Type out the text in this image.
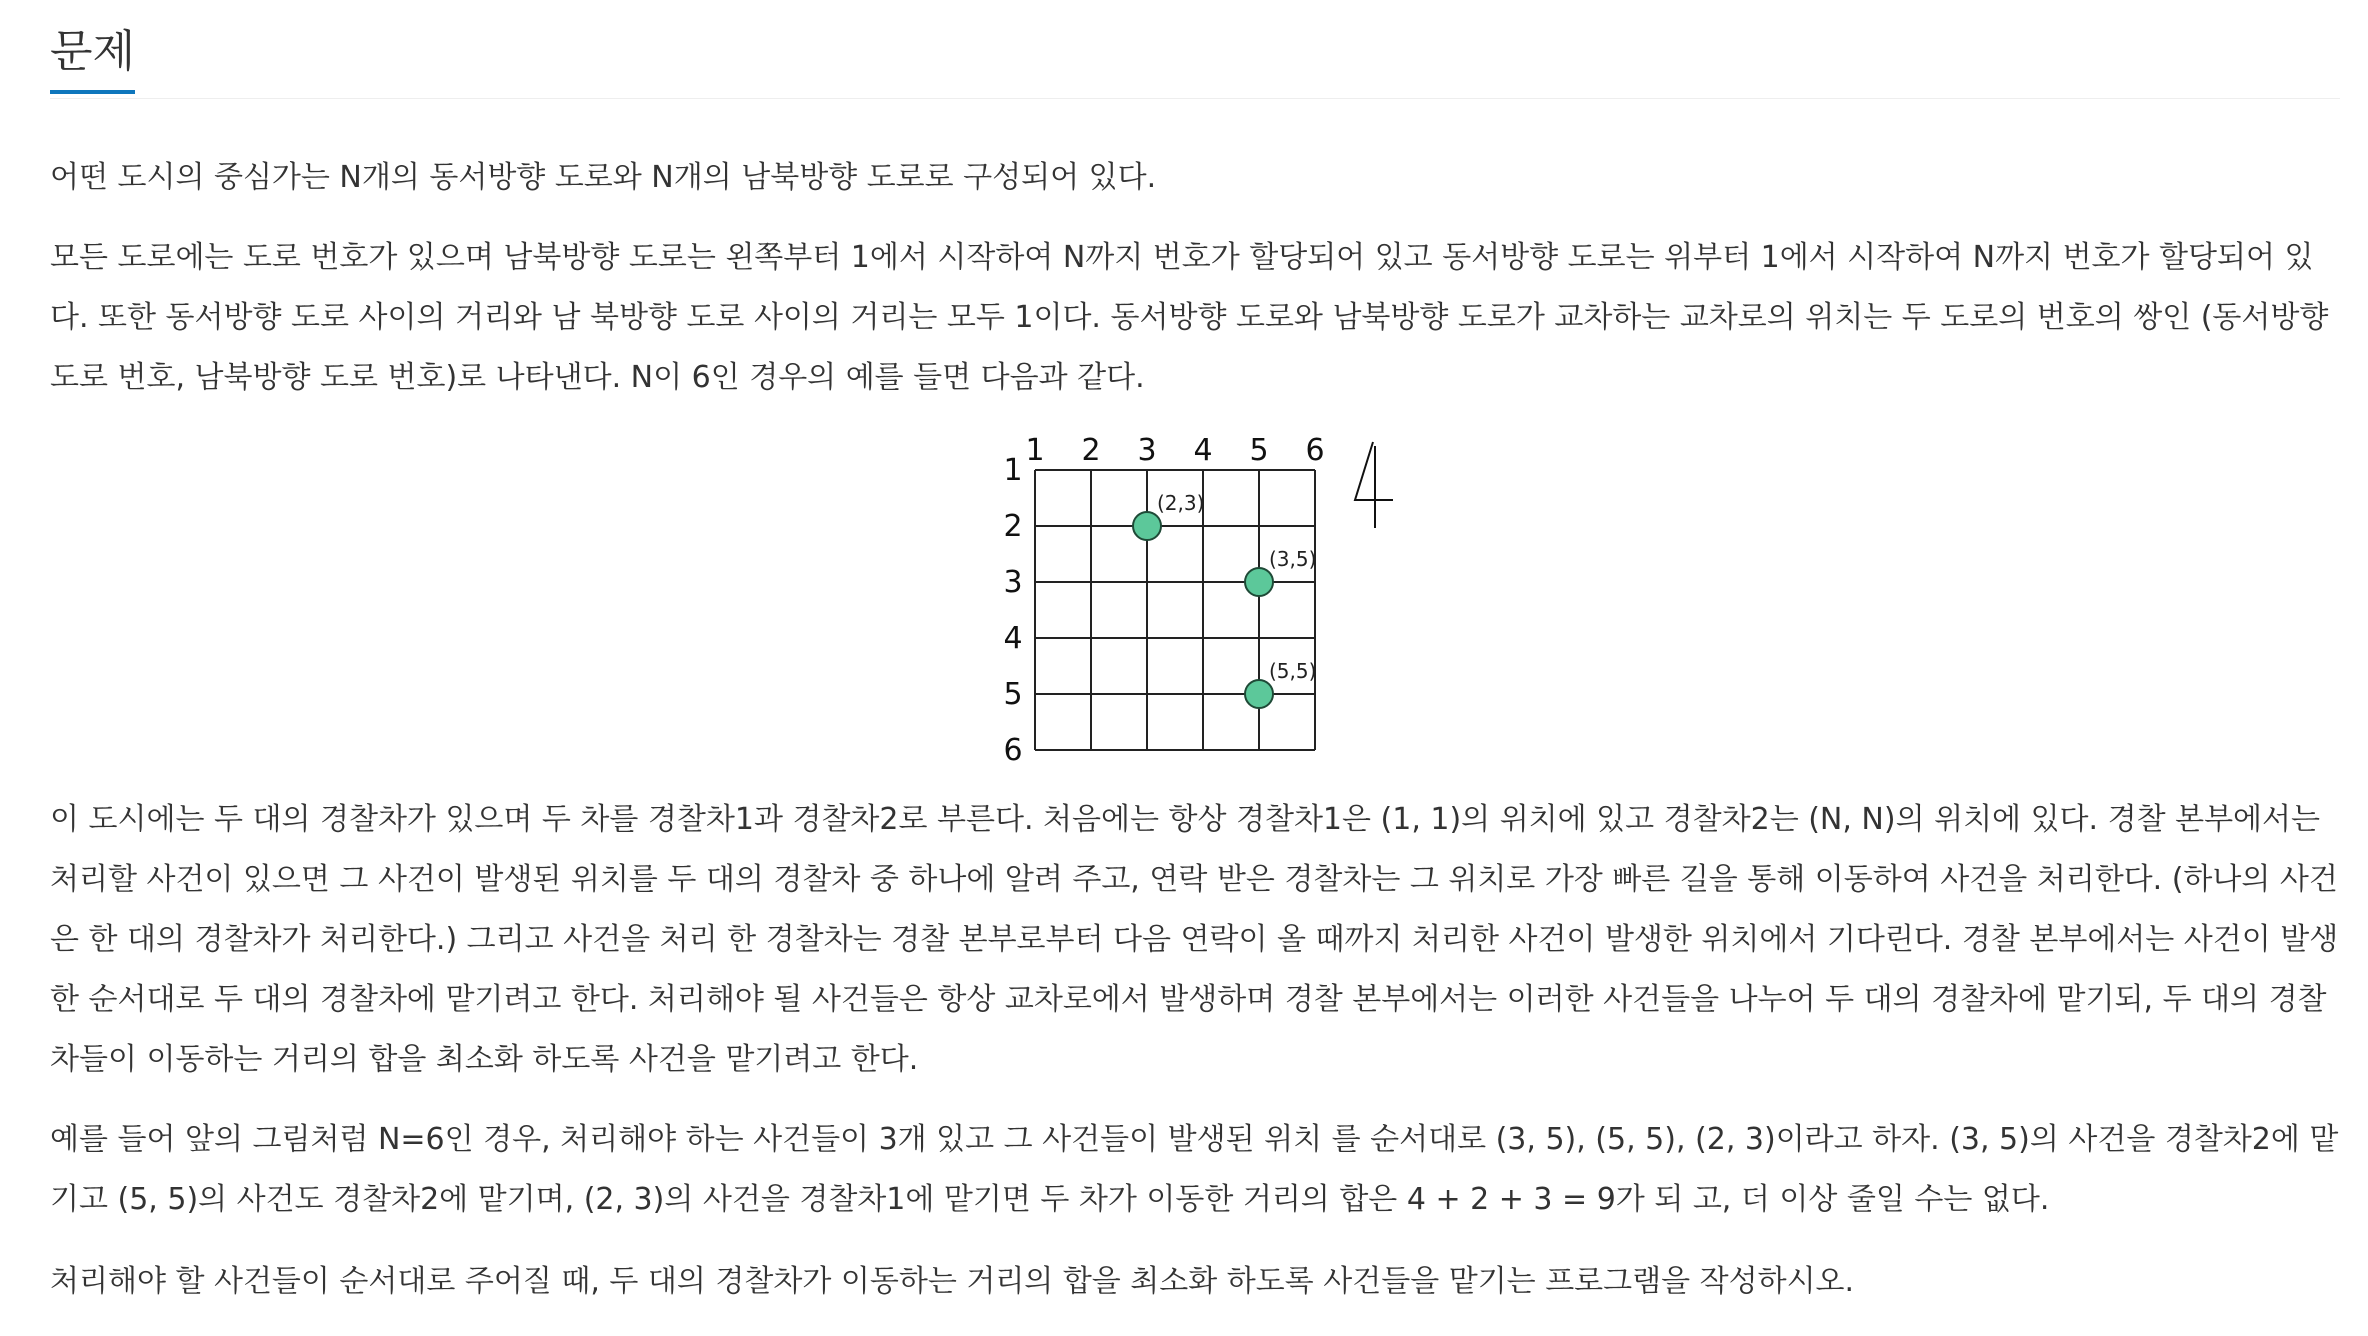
문제

어떤 도시의 중심가는 N개의 동서방향 도로와 N개의 남북방향 도로로 구성되어 있다.

모든 도로에는 도로 번호가 있으며 남북방향 도로는 왼쪽부터 1에서 시작하여 N까지 번호가 할당되어 있고 동서방향 도로는 위부터 1에서 시작하여 N까지 번호가 할당되어 있다. 또한 동서방향 도로 사이의 거리와 남 북방향 도로 사이의 거리는 모두 1이다. 동서방향 도로와 남북방향 도로가 교차하는 교차로의 위치는 두 도로의 번호의 쌍인 (동서방향 도로 번호, 남북방향 도로 번호)로 나타낸다. N이 6인 경우의 예를 들면 다음과 같다.

1 2 3 4 5 6
1
2
3
4
5
6
(2,3)
(3,5)
(5,5)

이 도시에는 두 대의 경찰차가 있으며 두 차를 경찰차1과 경찰차2로 부른다. 처음에는 항상 경찰차1은 (1, 1)의 위치에 있고 경찰차2는 (N, N)의 위치에 있다. 경찰 본부에서는 처리할 사건이 있으면 그 사건이 발생된 위치를 두 대의 경찰차 중 하나에 알려 주고, 연락 받은 경찰차는 그 위치로 가장 빠른 길을 통해 이동하여 사건을 처리한다. (하나의 사건은 한 대의 경찰차가 처리한다.) 그리고 사건을 처리 한 경찰차는 경찰 본부로부터 다음 연락이 올 때까지 처리한 사건이 발생한 위치에서 기다린다. 경찰 본부에서는 사건이 발생한 순서대로 두 대의 경찰차에 맡기려고 한다. 처리해야 될 사건들은 항상 교차로에서 발생하며 경찰 본부에서는 이러한 사건들을 나누어 두 대의 경찰차에 맡기되, 두 대의 경찰차들이 이동하는 거리의 합을 최소화 하도록 사건을 맡기려고 한다.

예를 들어 앞의 그림처럼 N=6인 경우, 처리해야 하는 사건들이 3개 있고 그 사건들이 발생된 위치 를 순서대로 (3, 5), (5, 5), (2, 3)이라고 하자. (3, 5)의 사건을 경찰차2에 맡기고 (5, 5)의 사건도 경찰차2에 맡기며, (2, 3)의 사건을 경찰차1에 맡기면 두 차가 이동한 거리의 합은 4 + 2 + 3 = 9가 되 고, 더 이상 줄일 수는 없다.

처리해야 할 사건들이 순서대로 주어질 때, 두 대의 경찰차가 이동하는 거리의 합을 최소화 하도록 사건들을 맡기는 프로그램을 작성하시오.
